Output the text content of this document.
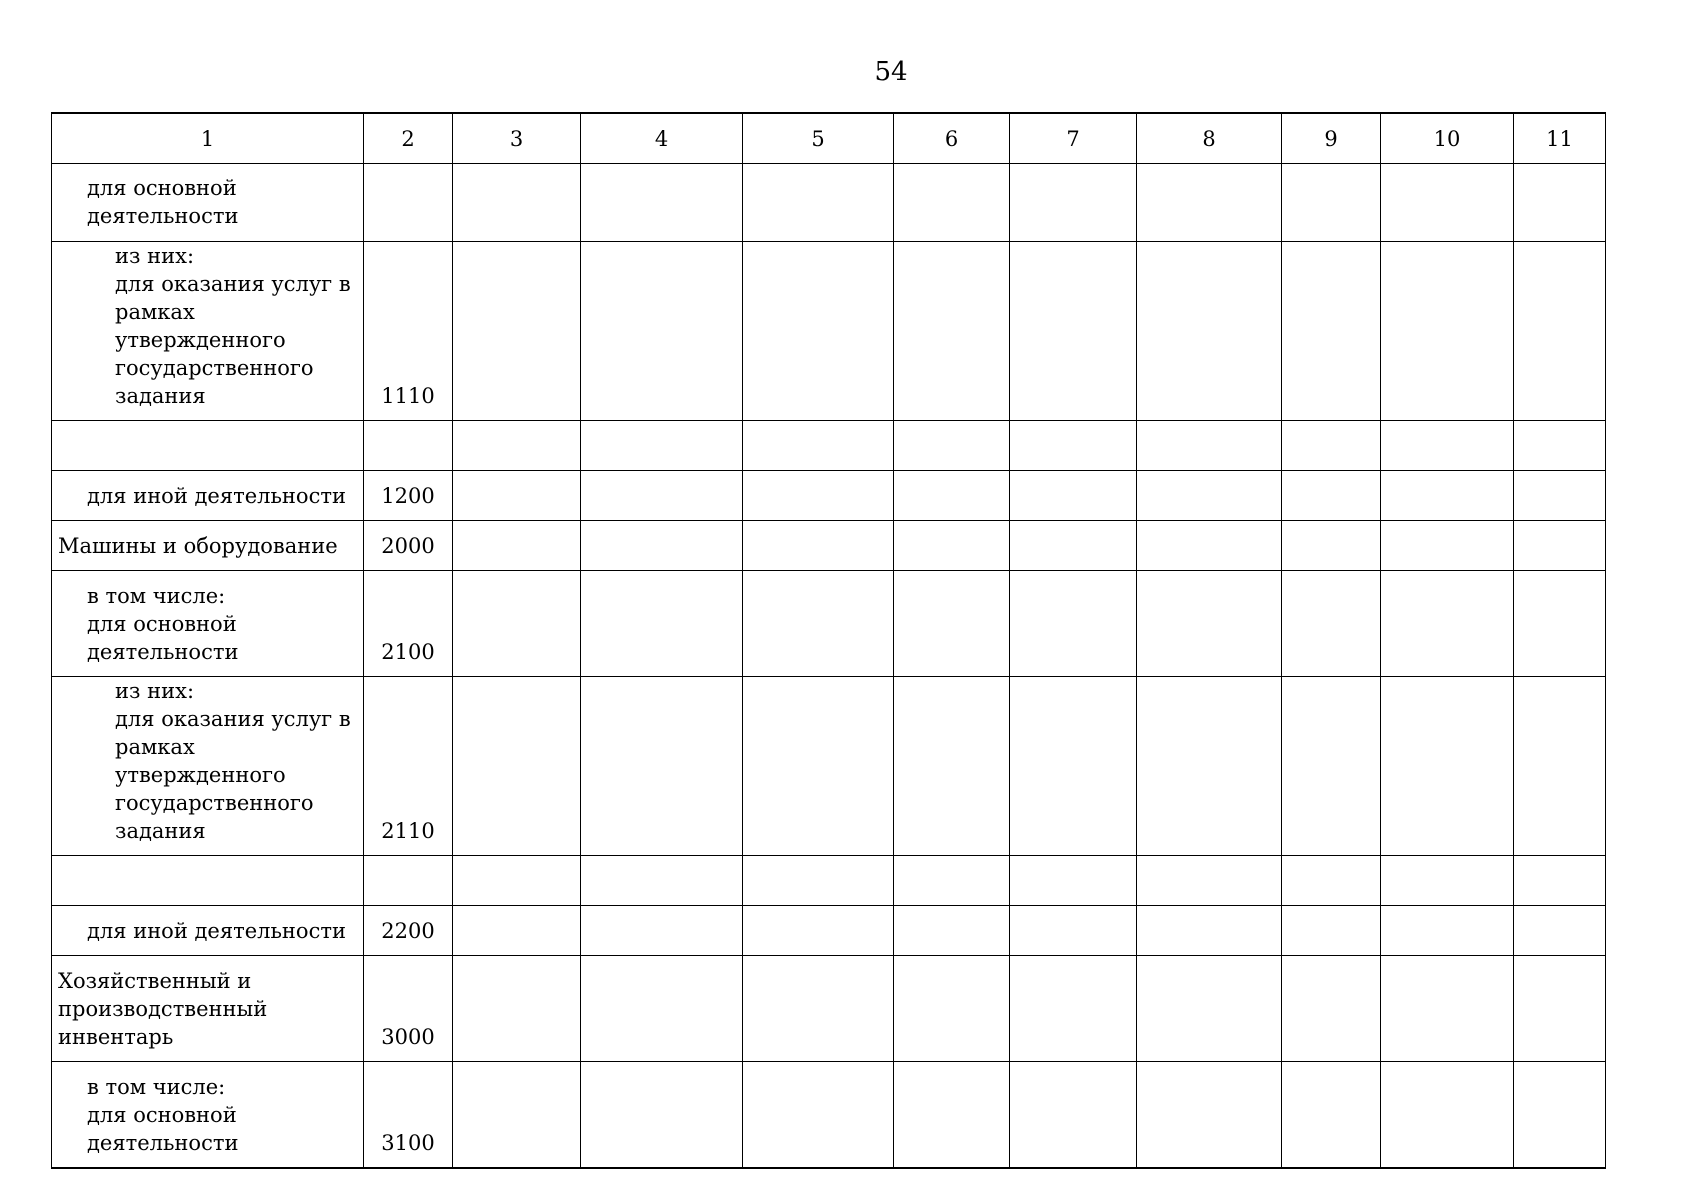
54
1	2	3	4	5	6	7	8	9	10	11

для основной
деятельности										

из них:
для оказания услуг в
рамках утвержденного
государственного
задания	1110									

для иной деятельности	1200									

Машины и оборудование	2000									

в том числе:
для основной
деятельности	2100									

из них:
для оказания услуг в
рамках утвержденного
государственного
задания	2110									

для иной деятельности	2200									

Хозяйственный и
производственный
инвентарь	3000									

в том числе:
для основной
деятельности	3100									
